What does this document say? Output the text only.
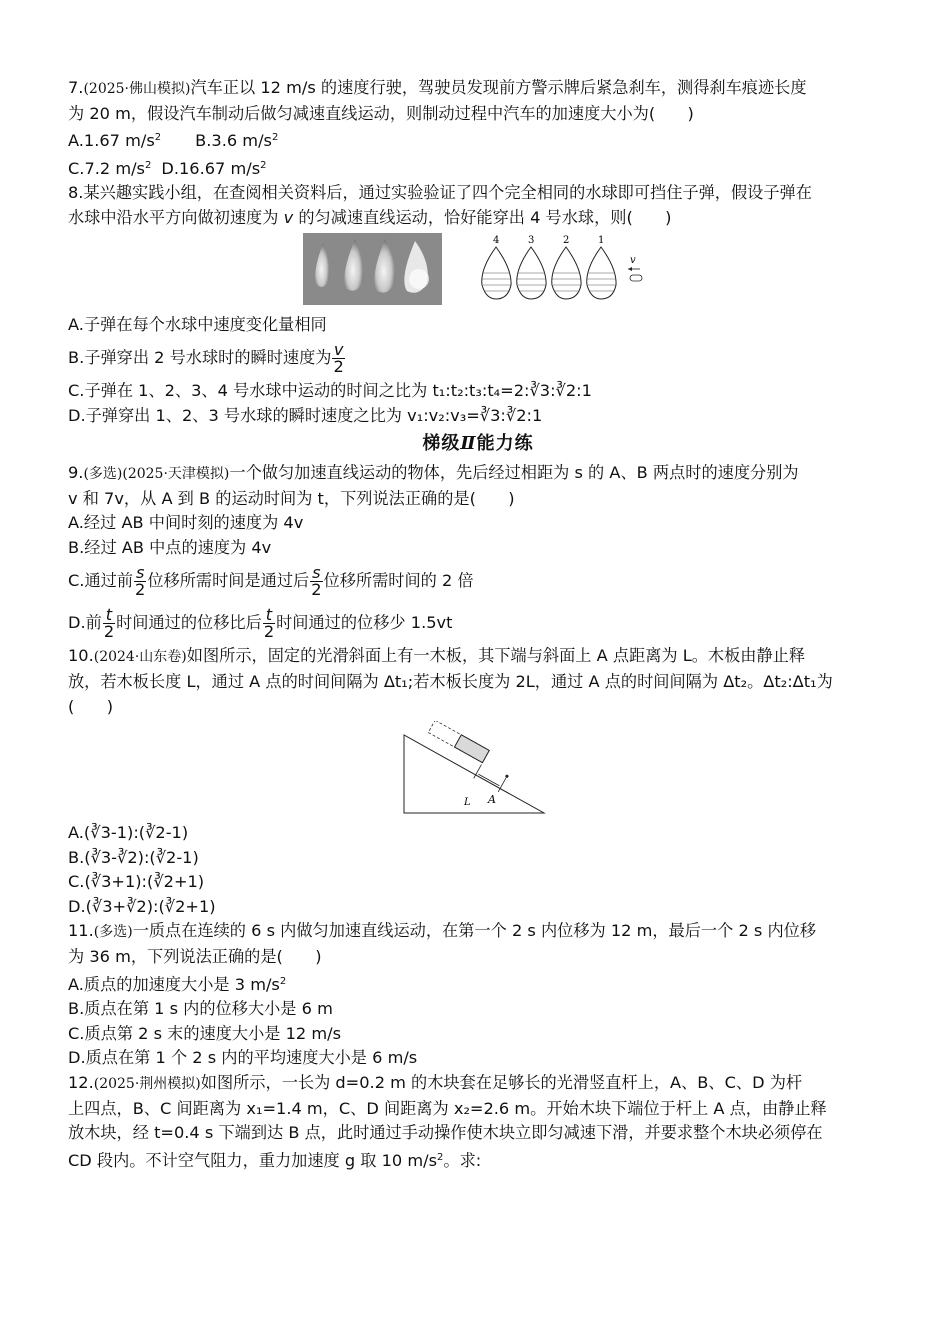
7.(2025·佛山模拟)汽车正以 12 m/s 的速度行驶，驾驶员发现前方警示牌后紧急刹车，测得刹车痕迹长度
为 20 m，假设汽车制动后做匀减速直线运动，则制动过程中汽车的加速度大小为(　　)
A.1.67 $m/s^2$ B.3.6 $m/s^2$
C.7.2 $m/s^2$ D.16.67 $m/s^2$
8.某兴趣实践小组，在查阅相关资料后，通过实验验证了四个完全相同的水球即可挡住子弹，假设子弹在
水球中沿水平方向做初速度为 v 的匀减速直线运动，恰好能穿出 4 号水球，则(　　)
4	3	2	1
v
A.子弹在每个水球中速度变化量相同
B.子弹穿出 2 号水球时的瞬时速度为 $\frac{v}{2}$
C.子弹在 1、2、3、4 号水球中运动的时间之比为 t₁:t₂:t₃:t₄=2:∛3:∛2:1
D.子弹穿出 1、2、3 号水球的瞬时速度之比为 v₁:v₂:v₃=∛3:∛2:1
梯级Ⅱ能力练
9.(多选)(2025·天津模拟)一个做匀加速直线运动的物体，先后经过相距为 s 的 A、B 两点时的速度分别为
v 和 7v，从 A 到 B 的运动时间为 t，下列说法正确的是(　　)
A.经过 AB 中间时刻的速度为 4v
B.经过 AB 中点的速度为 4v
C.通过前 $\frac{s}{2}$ 位移所需时间是通过后 $\frac{s}{2}$ 位移所需时间的 2 倍
D.前 $\frac{t}{2}$ 时间通过的位移比后 $\frac{t}{2}$ 时间通过的位移少 1.5vt
10.(2024·山东卷)如图所示，固定的光滑斜面上有一木板，其下端与斜面上 A 点距离为 L。木板由静止释
放，若木板长度 L，通过 A 点的时间间隔为 Δt₁;若木板长度为 2L，通过 A 点的时间间隔为 Δt₂。Δt₂:Δt₁为
(　　)
A
L
A.(∛3-1):(∛2-1)
B.(∛3-∛2):(∛2-1)
C.(∛3+1):(∛2+1)
D.(∛3+∛2):(∛2+1)
11.(多选)一质点在连续的 6 s 内做匀加速直线运动，在第一个 2 s 内位移为 12 m，最后一个 2 s 内位移
为 36 m，下列说法正确的是(　　)
A.质点的加速度大小是 3 $m/s^2$
B.质点在第 1 s 内的位移大小是 6 m
C.质点第 2 s 末的速度大小是 12 m/s
D.质点在第 1 个 2 s 内的平均速度大小是 6 m/s
12.(2025·荆州模拟)如图所示，一长为 d=0.2 m 的木块套在足够长的光滑竖直杆上，A、B、C、D 为杆
上四点，B、C 间距离为 x₁=1.4 m，C、D 间距离为 x₂=2.6 m。开始木块下端位于杆上 A 点，由静止释
放木块，经 t=0.4 s 下端到达 B 点，此时通过手动操作使木块立即匀减速下滑，并要求整个木块必须停在
CD 段内。不计空气阻力，重力加速度 g 取 10 $m/s^2$。求:
